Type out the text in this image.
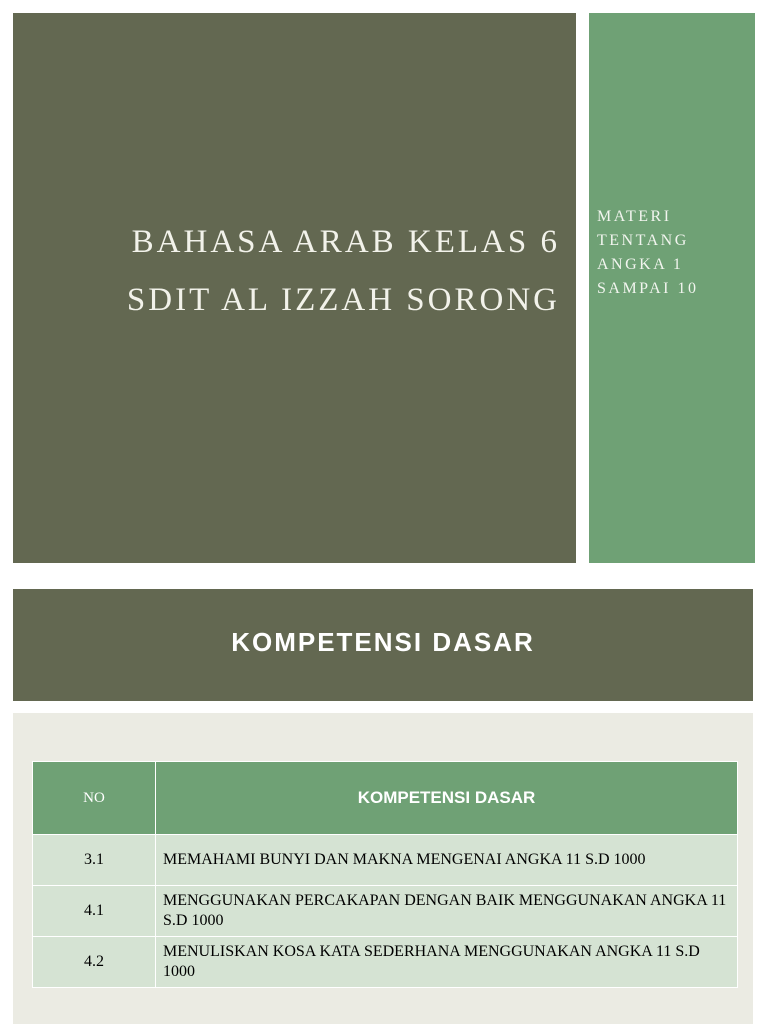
BAHASA ARAB KELAS 6
SDIT AL IZZAH SORONG
MATERI
TENTANG
ANGKA 1
SAMPAI 10
KOMPETENSI DASAR
NO	KOMPETENSI DASAR
3.1	MEMAHAMI BUNYI DAN MAKNA MENGENAI ANGKA 11 S.D 1000
4.1	MENGGUNAKAN PERCAKAPAN DENGAN BAIK MENGGUNAKAN ANGKA 11 S.D 1000
4.2	MENULISKAN KOSA KATA SEDERHANA MENGGUNAKAN ANGKA 11 S.D 1000
